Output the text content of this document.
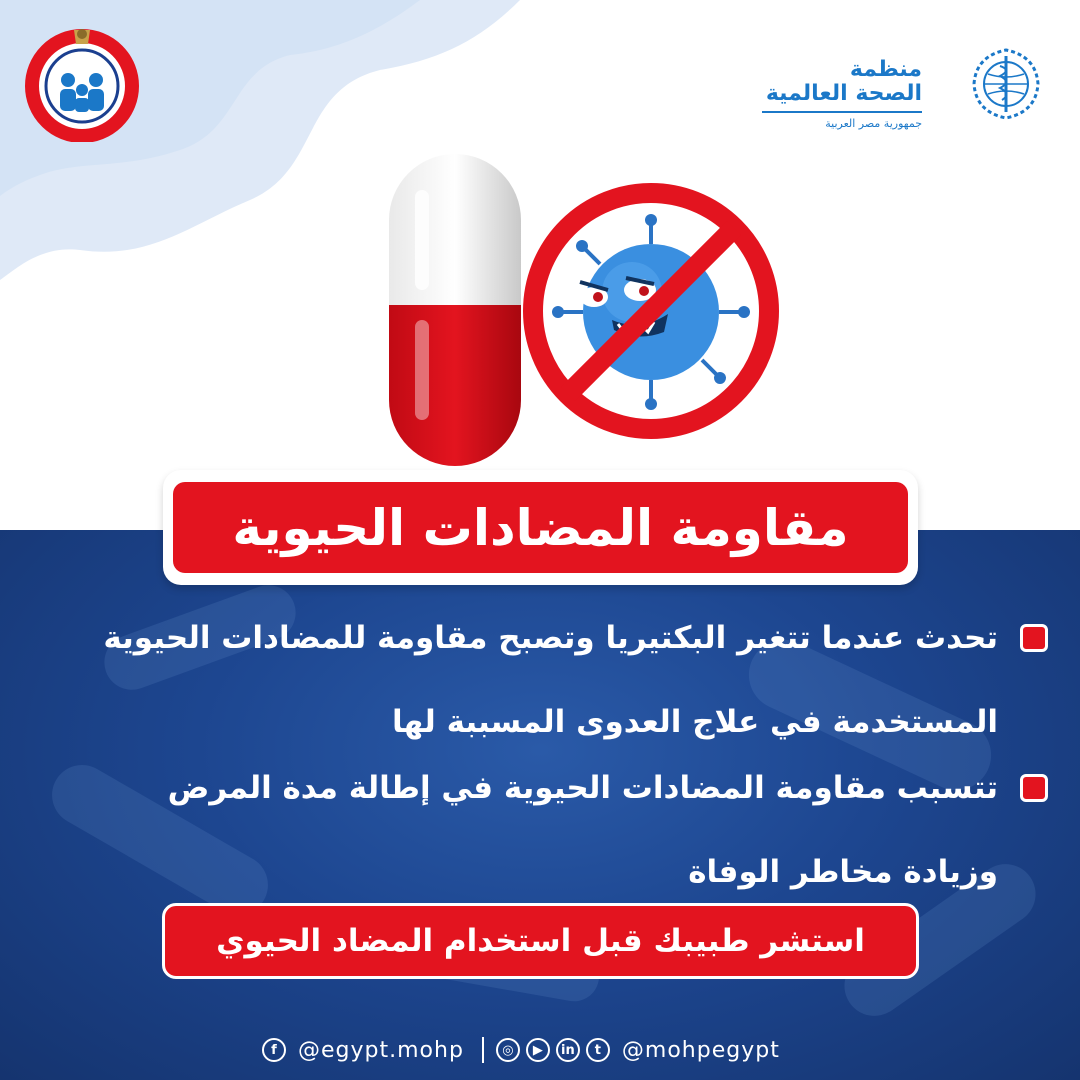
منظمة
الصحة العالمية
جمهورية مصر العربية
مقاومة المضادات الحيوية
تحدث عندما تتغير البكتيريا وتصبح مقاومة للمضادات الحيوية المستخدمة في علاج العدوى المسببة لها
تتسبب مقاومة المضادات الحيوية في إطالة مدة المرض وزيادة مخاطر الوفاة
استشر طبيبك قبل استخدام المضاد الحيوي
f @egypt.mohp	◎	▶	in	t @mohpegypt
